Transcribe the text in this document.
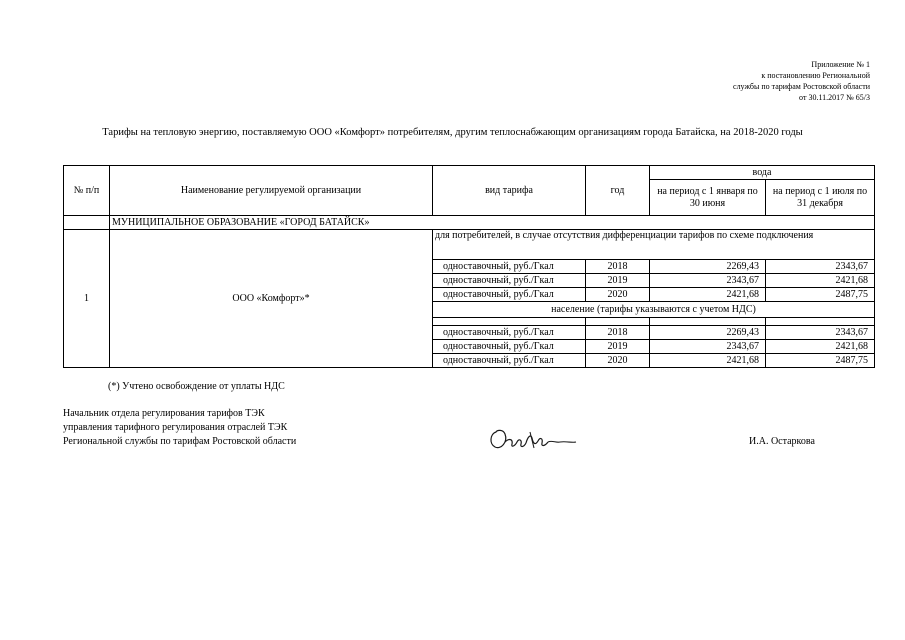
Приложение № 1
к постановлению Региональной
службы по тарифам Ростовской области
от 30.11.2017 № 65/3
Тарифы на тепловую энергию, поставляемую ООО «Комфорт» потребителям, другим теплоснабжающим организациям города Батайска, на 2018-2020 годы
№ п/п	Наименование регулируемой организации	вид тарифа	год	вода	
				на период с 1 января по 30 июня	на период с 1 июля по 31 декабря
	МУНИЦИПАЛЬНОЕ ОБРАЗОВАНИЕ «ГОРОД БАТАЙСК»				
1	ООО «Комфорт»*	для потребителей, в случае отсутствия дифференциации тарифов по схеме подключения			
		одноставочный, руб./Гкал	2018	2269,43	2343,67
		одноставочный, руб./Гкал	2019	2343,67	2421,68
		одноставочный, руб./Гкал	2020	2421,68	2487,75
		население (тарифы указываются с учетом НДС)			

		одноставочный, руб./Гкал	2018	2269,43	2343,67
		одноставочный, руб./Гкал	2019	2343,67	2421,68
		одноставочный, руб./Гкал	2020	2421,68	2487,75
(*) Учтено освобождение от уплаты НДС
Начальник отдела регулирования тарифов ТЭК
управления тарифного регулирования отраслей ТЭК
Региональной службы по тарифам Ростовской области	И.А. Остаркова
